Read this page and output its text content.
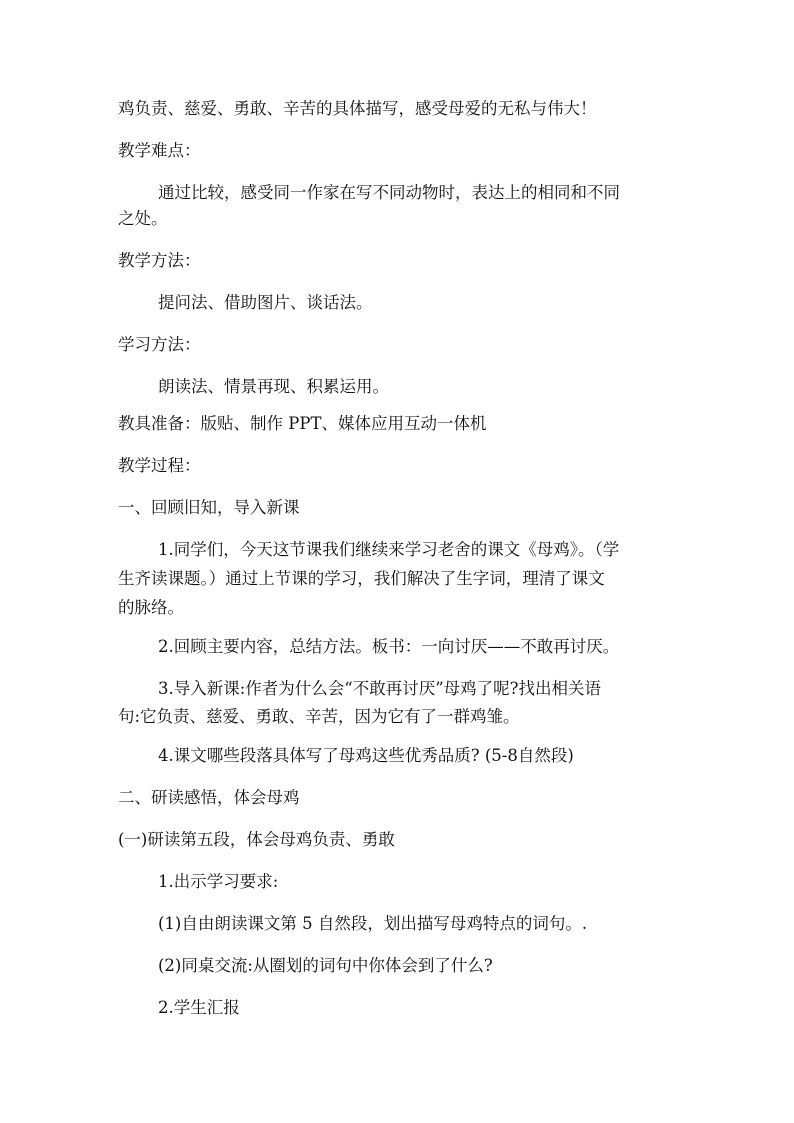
鸡负责、慈爱、勇敢、辛苦的具体描写，感受母爱的无私与伟大！
教学难点：
通过比较，感受同一作家在写不同动物时，表达上的相同和不同
之处。
教学方法：
提问法、借助图片、谈话法。
学习方法：
朗读法、情景再现、积累运用。
教具准备：版贴、制作 PPT、媒体应用互动一体机
教学过程：
一、回顾旧知，导入新课
1.同学们，今天这节课我们继续来学习老舍的课文《母鸡》。（学
生齐读课题。）通过上节课的学习，我们解决了生字词，理清了课文
的脉络。
2.回顾主要内容，总结方法。板书：一向讨厌——不敢再讨厌。
3.导入新课:作者为什么会“不敢再讨厌”母鸡了呢?找出相关语
句:它负责、慈爱、勇敢、辛苦，因为它有了一群鸡雏。
4.课文哪些段落具体写了母鸡这些优秀品质? (5-8自然段)
二、研读感悟，体会母鸡
(一)研读第五段，体会母鸡负责、勇敢
1.出示学习要求:
(1)自由朗读课文第 5 自然段，划出描写母鸡特点的词句。.
(2)同桌交流:从圈划的词句中你体会到了什么?
2.学生汇报
